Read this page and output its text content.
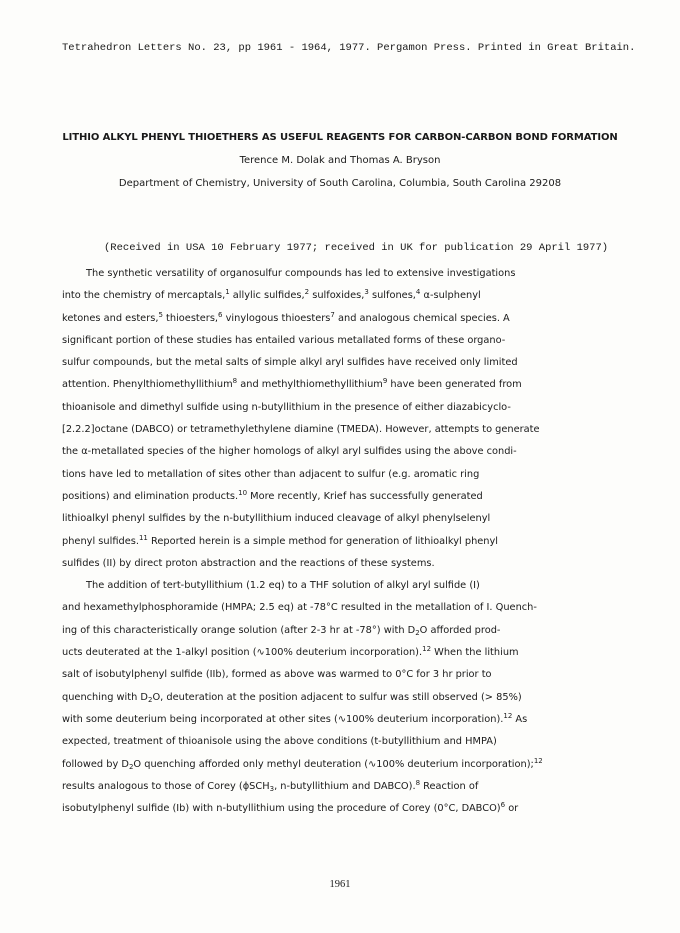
Tetrahedron Letters No. 23, pp 1961 - 1964, 1977. Pergamon Press. Printed in Great Britain.
LITHIO ALKYL PHENYL THIOETHERS AS USEFUL REAGENTS FOR CARBON-CARBON BOND FORMATION
Terence M. Dolak and Thomas A. Bryson
Department of Chemistry, University of South Carolina, Columbia, South Carolina 29208
(Received in USA 10 February 1977; received in UK for publication 29 April 1977)
The synthetic versatility of organosulfur compounds has led to extensive investigations
into the chemistry of mercaptals,$^1$ allylic sulfides,$^2$ sulfoxides,$^3$ sulfones,$^4$ α-sulphenyl
ketones and esters,$^5$ thioesters,$^6$ vinylogous thioesters$^7$ and analogous chemical species. A
significant portion of these studies has entailed various metallated forms of these organo-
sulfur compounds, but the metal salts of simple alkyl aryl sulfides have received only limited
attention. Phenylthiomethyllithium$^8$ and methylthiomethyllithium$^9$ have been generated from
thioanisole and dimethyl sulfide using n-butyllithium in the presence of either diazabicyclo-
[2.2.2]octane (DABCO) or tetramethylethylene diamine (TMEDA). However, attempts to generate
the α-metallated species of the higher homologs of alkyl aryl sulfides using the above condi-
tions have led to metallation of sites other than adjacent to sulfur (e.g. aromatic ring
positions) and elimination products.$^{10}$ More recently, Krief has successfully generated
lithioalkyl phenyl sulfides by the n-butyllithium induced cleavage of alkyl phenylselenyl
phenyl sulfides.$^{11}$ Reported herein is a simple method for generation of lithioalkyl phenyl
sulfides (II) by direct proton abstraction and the reactions of these systems.
The addition of tert-butyllithium (1.2 eq) to a THF solution of alkyl aryl sulfide (I)
and hexamethylphosphoramide (HMPA; 2.5 eq) at -78°C resulted in the metallation of I. Quench-
ing of this characteristically orange solution (after 2-3 hr at -78°) with $D_2O$ afforded prod-
ucts deuterated at the 1-alkyl position (∿100% deuterium incorporation).$^{12}$ When the lithium
salt of isobutylphenyl sulfide (IIb), formed as above was warmed to 0°C for 3 hr prior to
quenching with $D_2O$, deuteration at the position adjacent to sulfur was still observed (> 85%)
with some deuterium being incorporated at other sites (∿100% deuterium incorporation).$^{12}$ As
expected, treatment of thioanisole using the above conditions (t-butyllithium and HMPA)
followed by $D_2O$ quenching afforded only methyl deuteration (∿100% deuterium incorporation);$^{12}$
results analogous to those of Corey (ϕSCH$_3$, n-butyllithium and DABCO).$^8$ Reaction of
isobutylphenyl sulfide (Ib) with n-butyllithium using the procedure of Corey (0°C, DABCO)$^6$ or
1961
